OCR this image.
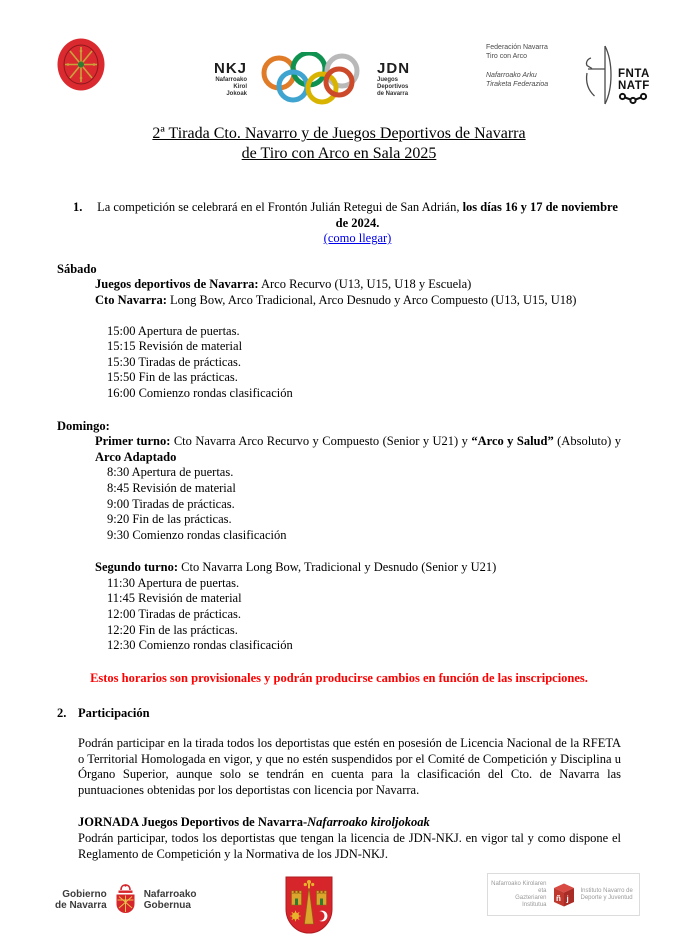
NKJ
Nafarroako
Kirol
Jokoak
JDN
Juegos
Deportivos
de Navarra
Federación Navarra
Tiro con Arco
Nafarroako Arku
Tiraketa Federazioa
FNTA
NATF
2ª Tirada Cto. Navarro y de Juegos Deportivos de Navarra
de Tiro con Arco en Sala 2025
1.	La competición se celebrará en el Frontón Julián Retegui de San Adrián, los días 16 y 17 de noviembre de 2024.
(como llegar)
Sábado
Juegos deportivos de Navarra: Arco Recurvo (U13, U15, U18 y Escuela)
Cto Navarra: Long Bow, Arco Tradicional, Arco Desnudo y Arco Compuesto (U13, U15, U18)
15:00 Apertura de puertas.
15:15 Revisión de material
15:30 Tiradas de prácticas.
15:50 Fin de las prácticas.
16:00 Comienzo rondas clasificación
Domingo:
Primer turno: Cto Navarra Arco Recurvo y Compuesto (Senior y U21) y “Arco y Salud” (Absoluto) y Arco Adaptado
8:30 Apertura de puertas.
8:45 Revisión de material
9:00 Tiradas de prácticas.
9:20 Fin de las prácticas.
9:30 Comienzo rondas clasificación
Segundo turno: Cto Navarra Long Bow, Tradicional y Desnudo (Senior y U21)
11:30 Apertura de puertas.
11:45 Revisión de material
12:00 Tiradas de prácticas.
12:20 Fin de las prácticas.
12:30 Comienzo rondas clasificación
Estos horarios son provisionales y podrán producirse cambios en función de las inscripciones.
2. Participación

Podrán participar en la tirada todos los deportistas que estén en posesión de Licencia Nacional de la RFETA o Territorial Homologada en vigor, y que no estén suspendidos por el Comité de Competición y Disciplina u Órgano Superior, aunque solo se tendrán en cuenta para la clasificación del Cto. de Navarra las puntuaciones obtenidas por los deportistas con licencia por Navarra.

JORNADA Juegos Deportivos de Navarra-Nafarroako kiroljokoak
Podrán participar, todos los deportistas que tengan la licencia de JDN-NKJ. en vigor tal y como dispone el Reglamento de Competición y la Normativa de los JDN-NKJ.
Gobierno
de Navarra
Nafarroako
Gobernua
Nafarroako Kirolaren eta
Gazteriaren Institutua
ñ j
Instituto Navarro de
Deporte y Juventud
